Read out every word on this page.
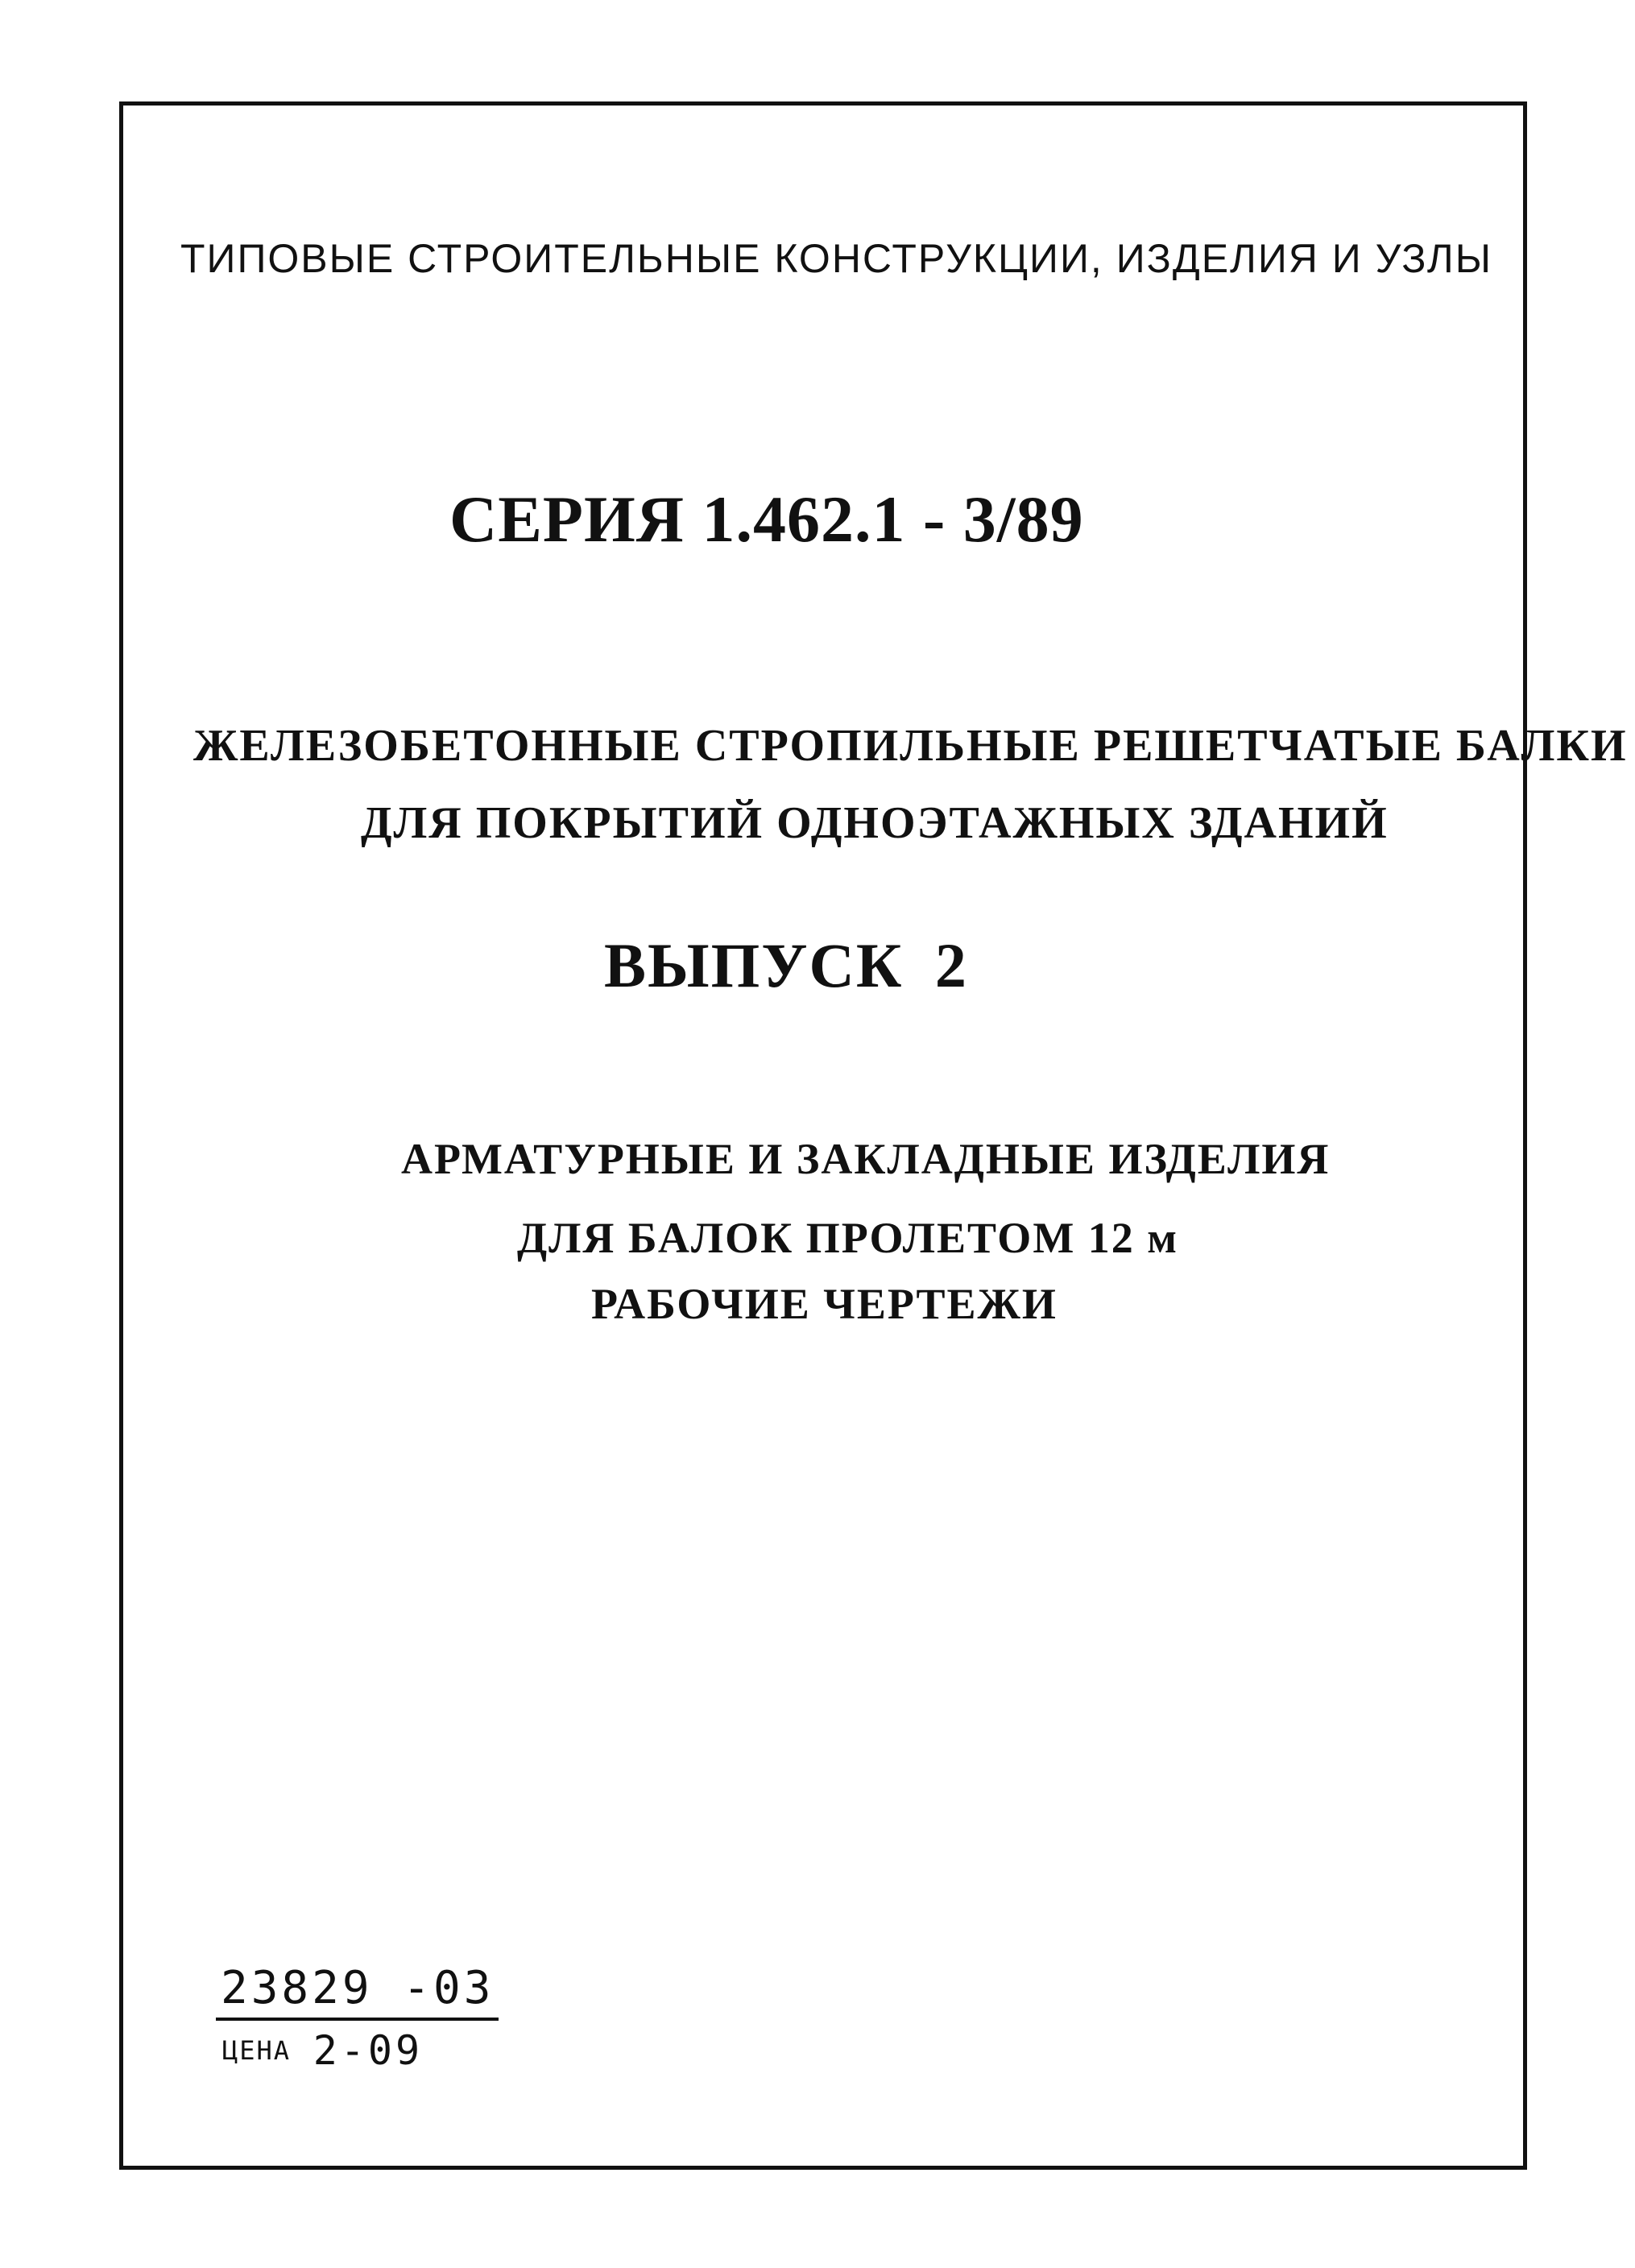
ТИПОВЫЕ СТРОИТЕЛЬНЫЕ КОНСТРУКЦИИ, ИЗДЕЛИЯ И УЗЛЫ
СЕРИЯ 1.462.1 - 3/89
ЖЕЛЕЗОБЕТОННЫЕ СТРОПИЛЬНЫЕ РЕШЕТЧАТЫЕ БАЛКИ
ДЛЯ ПОКРЫТИЙ ОДНОЭТАЖНЫХ ЗДАНИЙ
ВЫПУСК 2
АРМАТУРНЫЕ И ЗАКЛАДНЫЕ ИЗДЕЛИЯ
ДЛЯ БАЛОК ПРОЛЕТОМ 12 м
РАБОЧИЕ ЧЕРТЕЖИ
23829 -03
ЦЕНА 2-09
